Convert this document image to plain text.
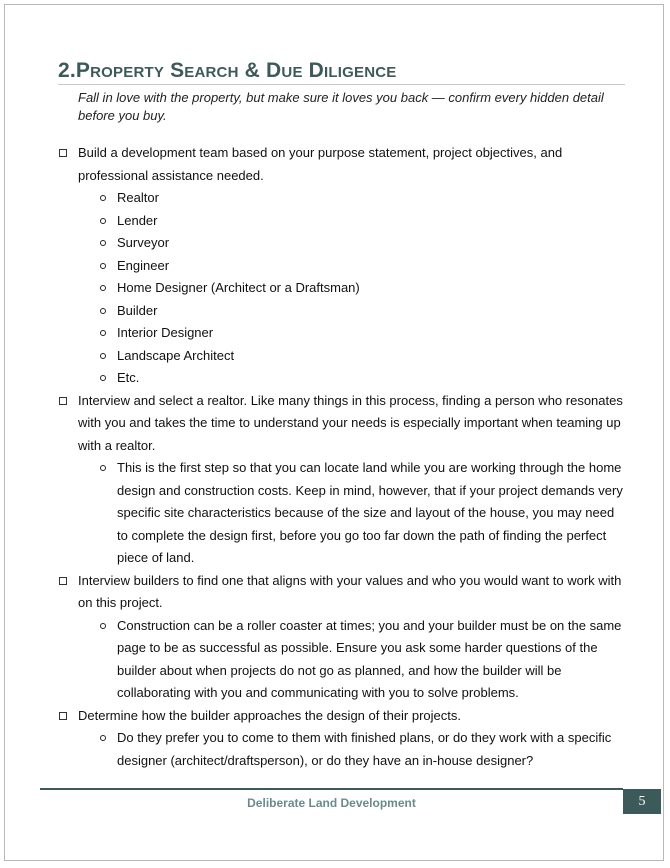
2.Property Search & Due Diligence
Fall in love with the property, but make sure it loves you back — confirm every hidden detail before you buy.
Build a development team based on your purpose statement, project objectives, and professional assistance needed.
Realtor
Lender
Surveyor
Engineer
Home Designer (Architect or a Draftsman)
Builder
Interior Designer
Landscape Architect
Etc.
Interview and select a realtor. Like many things in this process, finding a person who resonates with you and takes the time to understand your needs is especially important when teaming up with a realtor.
This is the first step so that you can locate land while you are working through the home design and construction costs. Keep in mind, however, that if your project demands very specific site characteristics because of the size and layout of the house, you may need to complete the design first, before you go too far down the path of finding the perfect piece of land.
Interview builders to find one that aligns with your values and who you would want to work with on this project.
Construction can be a roller coaster at times; you and your builder must be on the same page to be as successful as possible. Ensure you ask some harder questions of the builder about when projects do not go as planned, and how the builder will be collaborating with you and communicating with you to solve problems.
Determine how the builder approaches the design of their projects.
Do they prefer you to come to them with finished plans, or do they work with a specific designer (architect/draftsperson), or do they have an in-house designer?
Deliberate Land Development	5
